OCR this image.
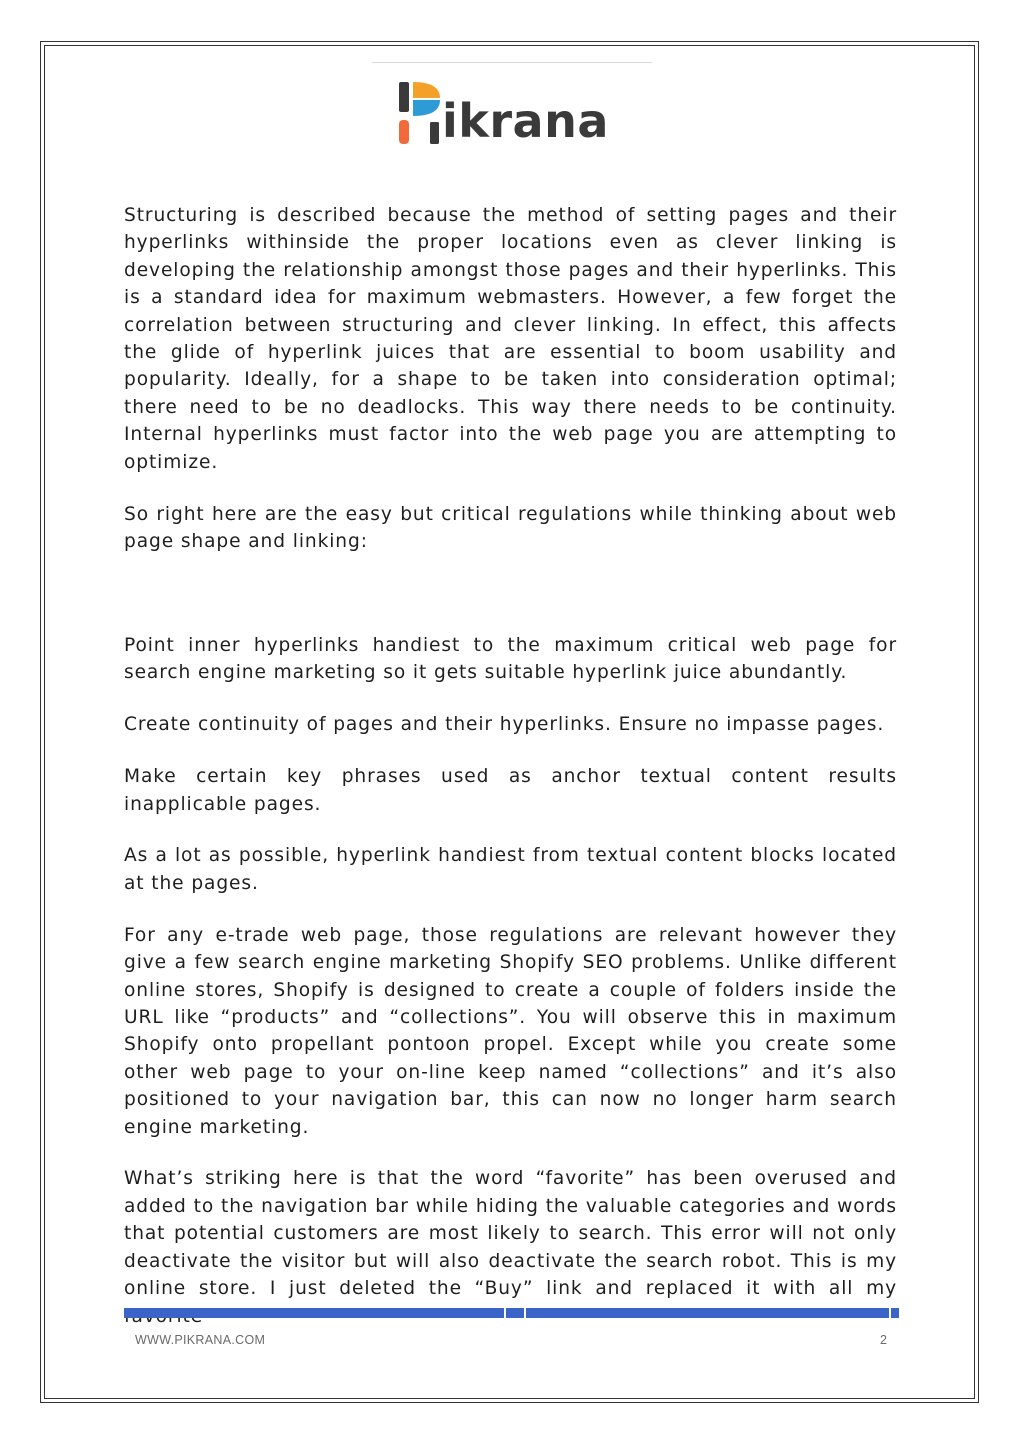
ikrana

Structuring is described because the method of setting pages and their hyperlinks withinside the proper locations even as clever linking is developing the relationship amongst those pages and their hyperlinks. This is a standard idea for maximum webmasters. However, a few forget the correlation between structuring and clever linking. In effect, this affects the glide of hyperlink juices that are essential to boom usability and popularity. Ideally, for a shape to be taken into consideration optimal; there need to be no deadlocks. This way there needs to be continuity. Internal hyperlinks must factor into the web page you are attempting to optimize.

So right here are the easy but critical regulations while thinking about web page shape and linking:

Point inner hyperlinks handiest to the maximum critical web page for search engine marketing so it gets suitable hyperlink juice abundantly.

Create continuity of pages and their hyperlinks. Ensure no impasse pages.

Make certain key phrases used as anchor textual content results inapplicable pages.

As a lot as possible, hyperlink handiest from textual content blocks located at the pages.

For any e-trade web page, those regulations are relevant however they give a few search engine marketing Shopify SEO problems. Unlike different online stores, Shopify is designed to create a couple of folders inside the URL like “products” and “collections”. You will observe this in maximum Shopify onto propellant pontoon propel. Except while you create some other web page to your on-line keep named “collections” and it’s also positioned to your navigation bar, this can now no longer harm search engine marketing.

What’s striking here is that the word “favorite” has been overused and added to the navigation bar while hiding the valuable categories and words that potential customers are most likely to search. This error will not only deactivate the visitor but will also deactivate the search robot. This is my online store. I just deleted the “Buy” link and replaced it with all my

WWW.PIKRANA.COM	2
